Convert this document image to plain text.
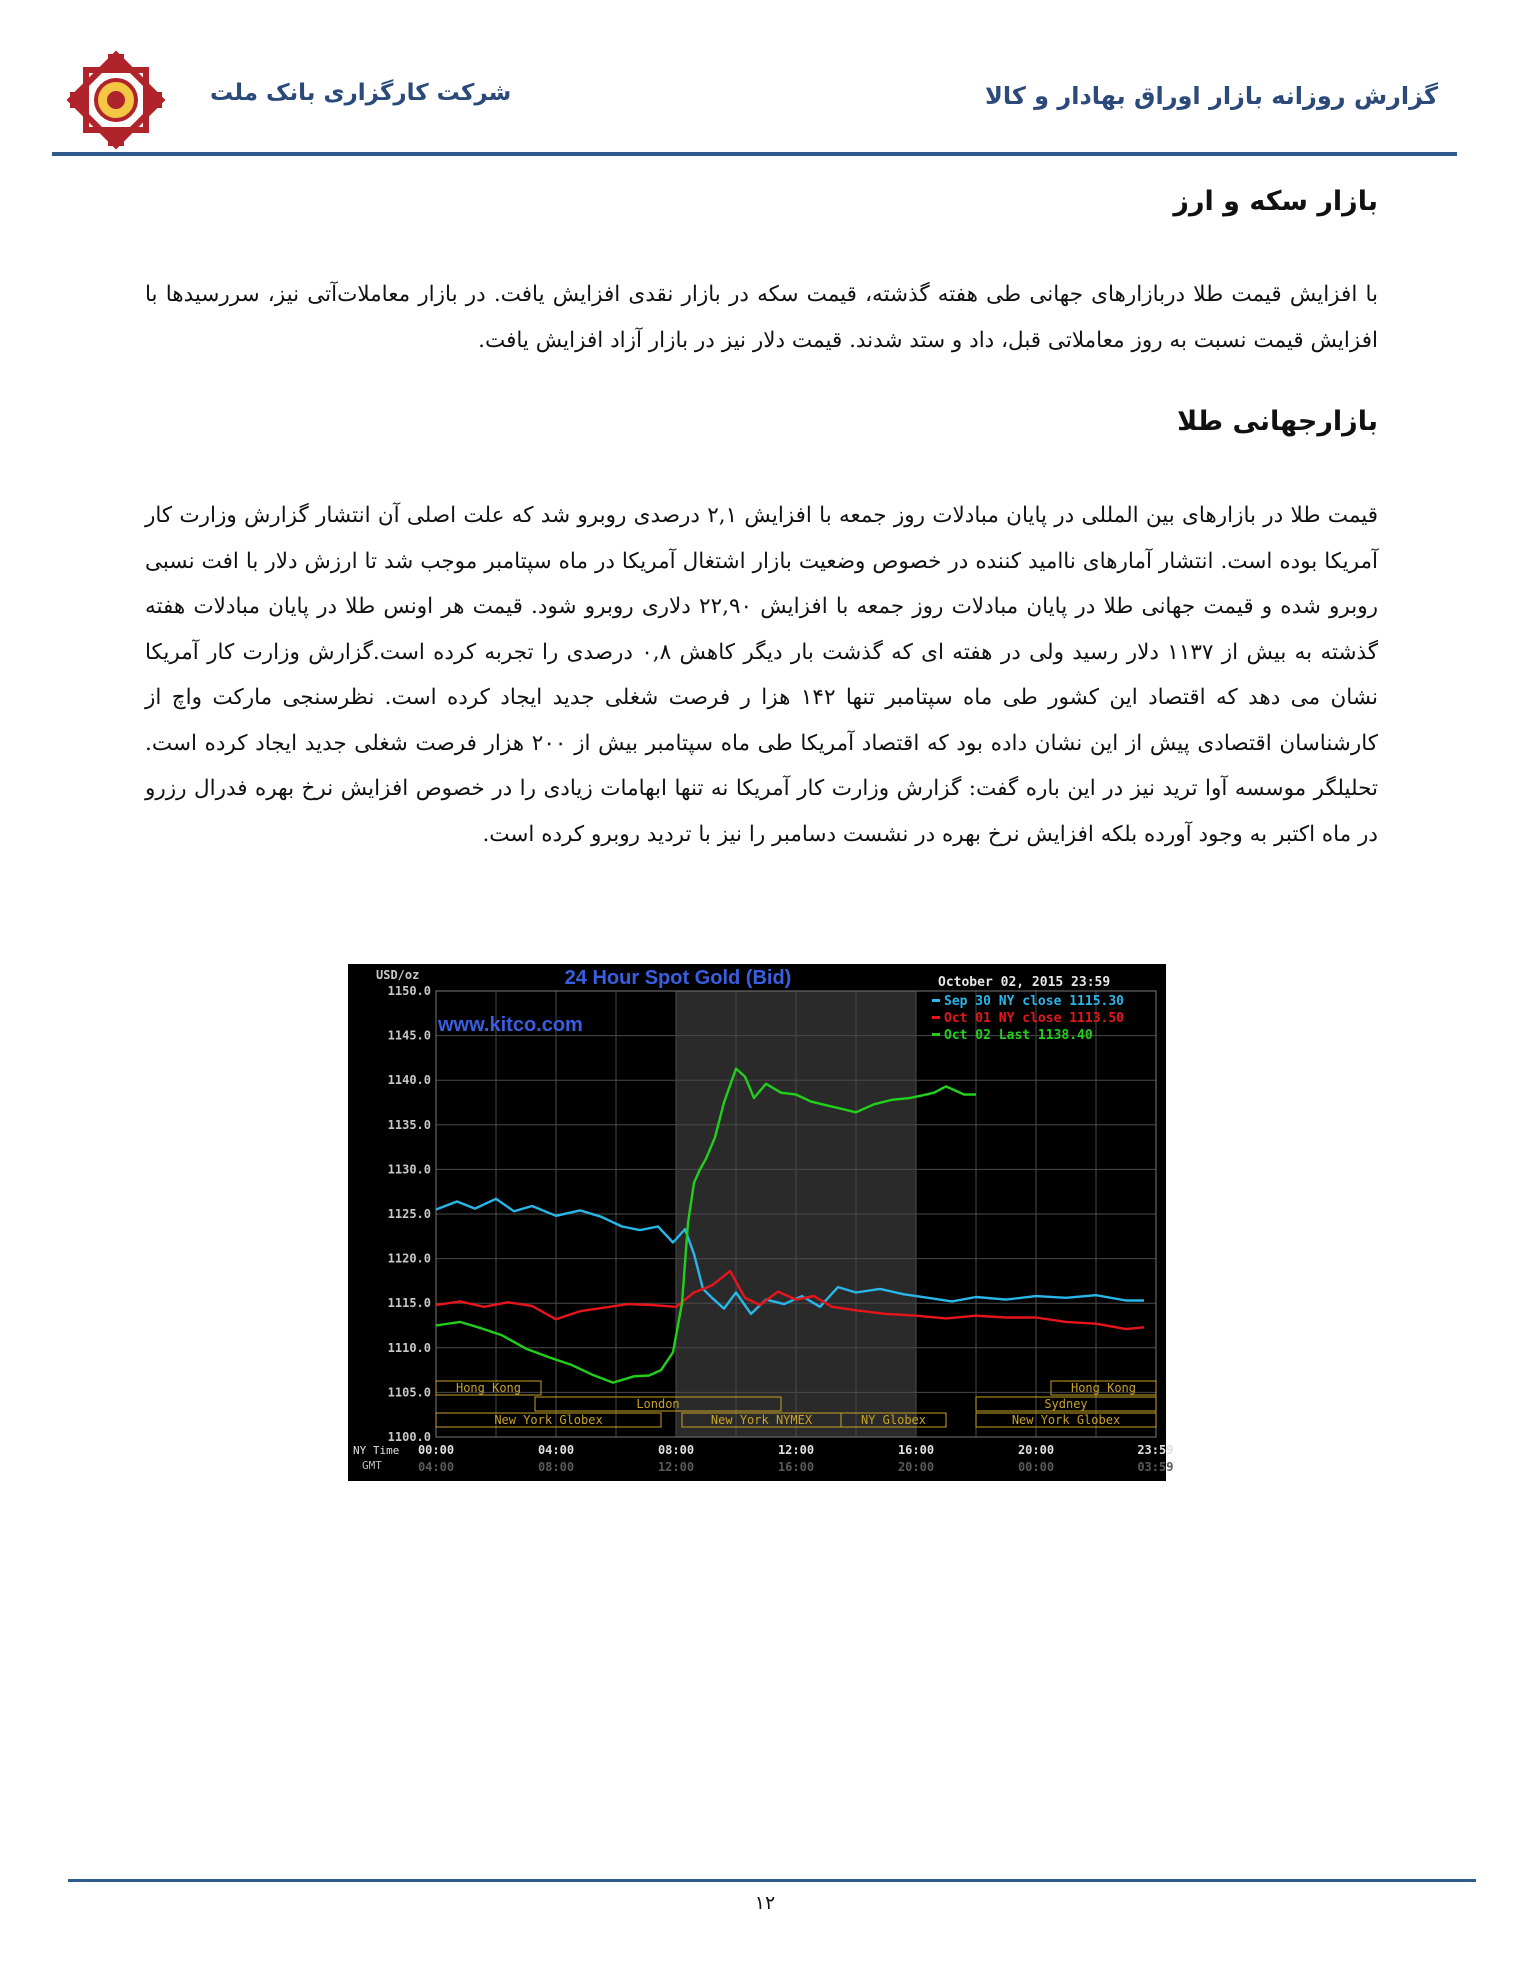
شرکت کارگزاری بانک ملت	گزارش روزانه بازار اوراق بهادار و کالا
بازار سکه و ارز
با افزایش قیمت طلا دربازارهای جهانی طی هفته گذشته، قیمت سکه در بازار نقدی افزایش یافت. در بازار معاملات‌آتی نیز، سررسیدها با افزایش قیمت نسبت به روز معاملاتی قبل، داد و ستد شدند. قیمت دلار نیز در بازار آزاد افزایش یافت.
بازارجهانی طلا
قیمت طلا در بازارهای بین المللی در پایان مبادلات روز جمعه با افزایش ۲,۱ درصدی روبرو شد که علت اصلی آن انتشار گزارش وزارت کار آمریکا بوده است. انتشار آمارهای ناامید کننده در خصوص وضعیت بازار اشتغال آمریکا در ماه سپتامبر موجب شد تا ارزش دلار با افت نسبی روبرو شده و قیمت جهانی طلا در پایان مبادلات روز جمعه با افزایش ۲۲,۹۰ دلاری روبرو شود. قیمت هر اونس طلا در پایان مبادلات هفته گذشته به بیش از ۱۱۳۷ دلار رسید ولی در هفته ای که گذشت بار دیگر کاهش ۰,۸ درصدی را تجربه کرده است.گزارش وزارت کار آمریکا نشان می دهد که اقتصاد این کشور طی ماه سپتامبر تنها ۱۴۲ هزا ر فرصت شغلی جدید ایجاد کرده است. نظرسنجی مارکت واچ از کارشناسان اقتصادی پیش از این نشان داده بود که اقتصاد آمریکا طی ماه سپتامبر بیش از ۲۰۰ هزار فرصت شغلی جدید ایجاد کرده است. تحلیلگر موسسه آوا ترید نیز در این باره گفت: گزارش وزارت کار آمریکا نه تنها ابهامات زیادی را در خصوص افزایش نرخ بهره فدرال رزرو در ماه اکتبر به وجود آورده بلکه افزایش نرخ بهره در نشست دسامبر را نیز با تردید روبرو کرده است.
1150.0
1145.0
1140.0
1135.0
1130.0
1125.0
1120.0
1115.0
1110.0
1105.0
1100.0
00:00
04:00
04:00
08:00
08:00
12:00
12:00
16:00
16:00
20:00
20:00
00:00
23:59
03:59
NY Time
GMT
USD/oz	24 Hour Spot Gold (Bid)	October 02, 2015 23:59
www.kitco.com
Hong Kong
London
New York Globex	New York NYMEX	NY Globex
Hong Kong
Sydney
New York Globex
Sep 30 NY close 1115.30
Oct 01 NY close 1113.50
Oct 02 Last 1138.40
۱۲
